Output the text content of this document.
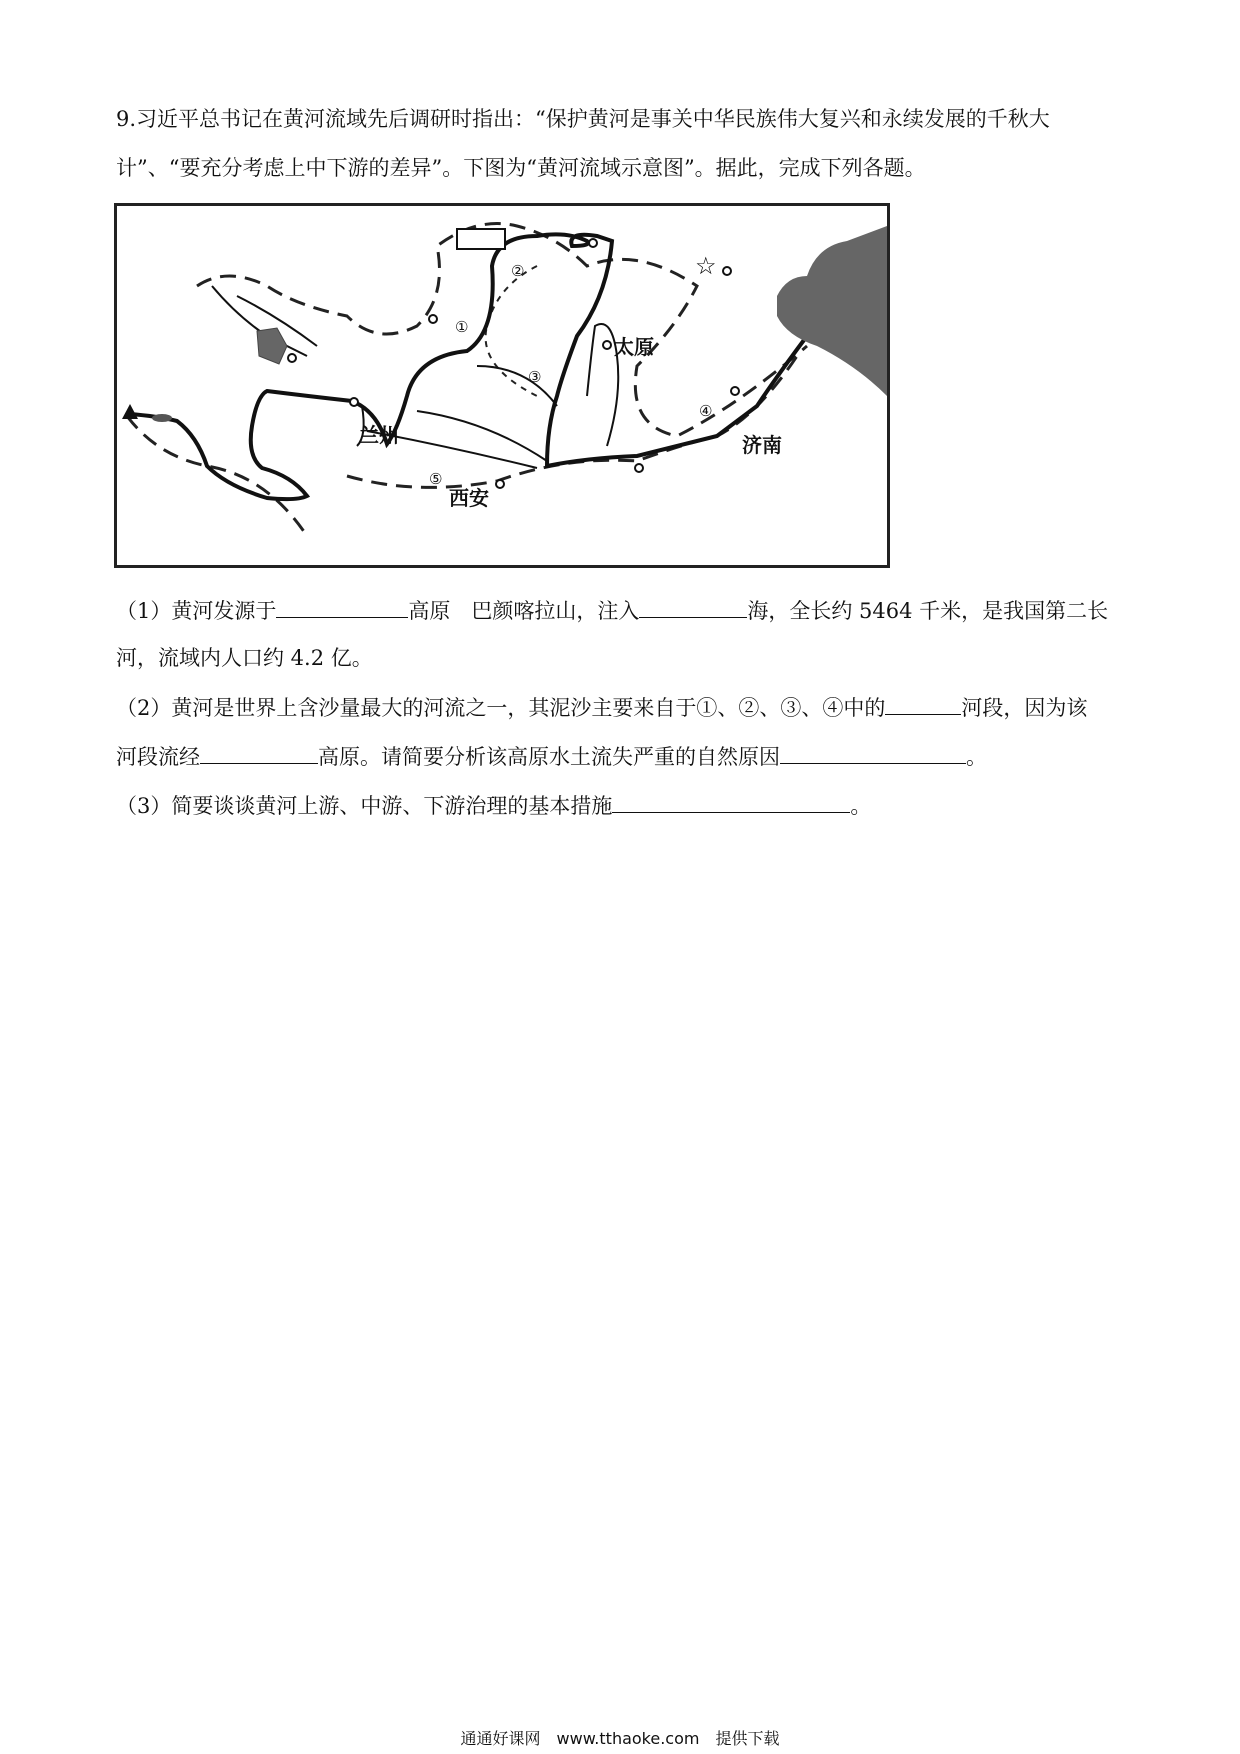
9.习近平总书记在黄河流域先后调研时指出：“保护黄河是事关中华民族伟大复兴和永续发展的千秋大
计”、“要充分考虑上中下游的差异”。下图为“黄河流域示意图”。据此，完成下列各题。
☆
兰州
太原
西安
济南
①
②
③
④
⑤
（1）黄河发源于	高原　巴颜喀拉山，注入	海，全长约 5464 千米，是我国第二长
河，流域内人口约 4.2 亿。
（2）黄河是世界上含沙量最大的河流之一，其泥沙主要来自于①、②、③、④中的	河段，因为该
河段流经	高原。请简要分析该高原水土流失严重的自然原因	。
（3）简要谈谈黄河上游、中游、下游治理的基本措施	。
通通好课网　www.tthaoke.com　提供下载
